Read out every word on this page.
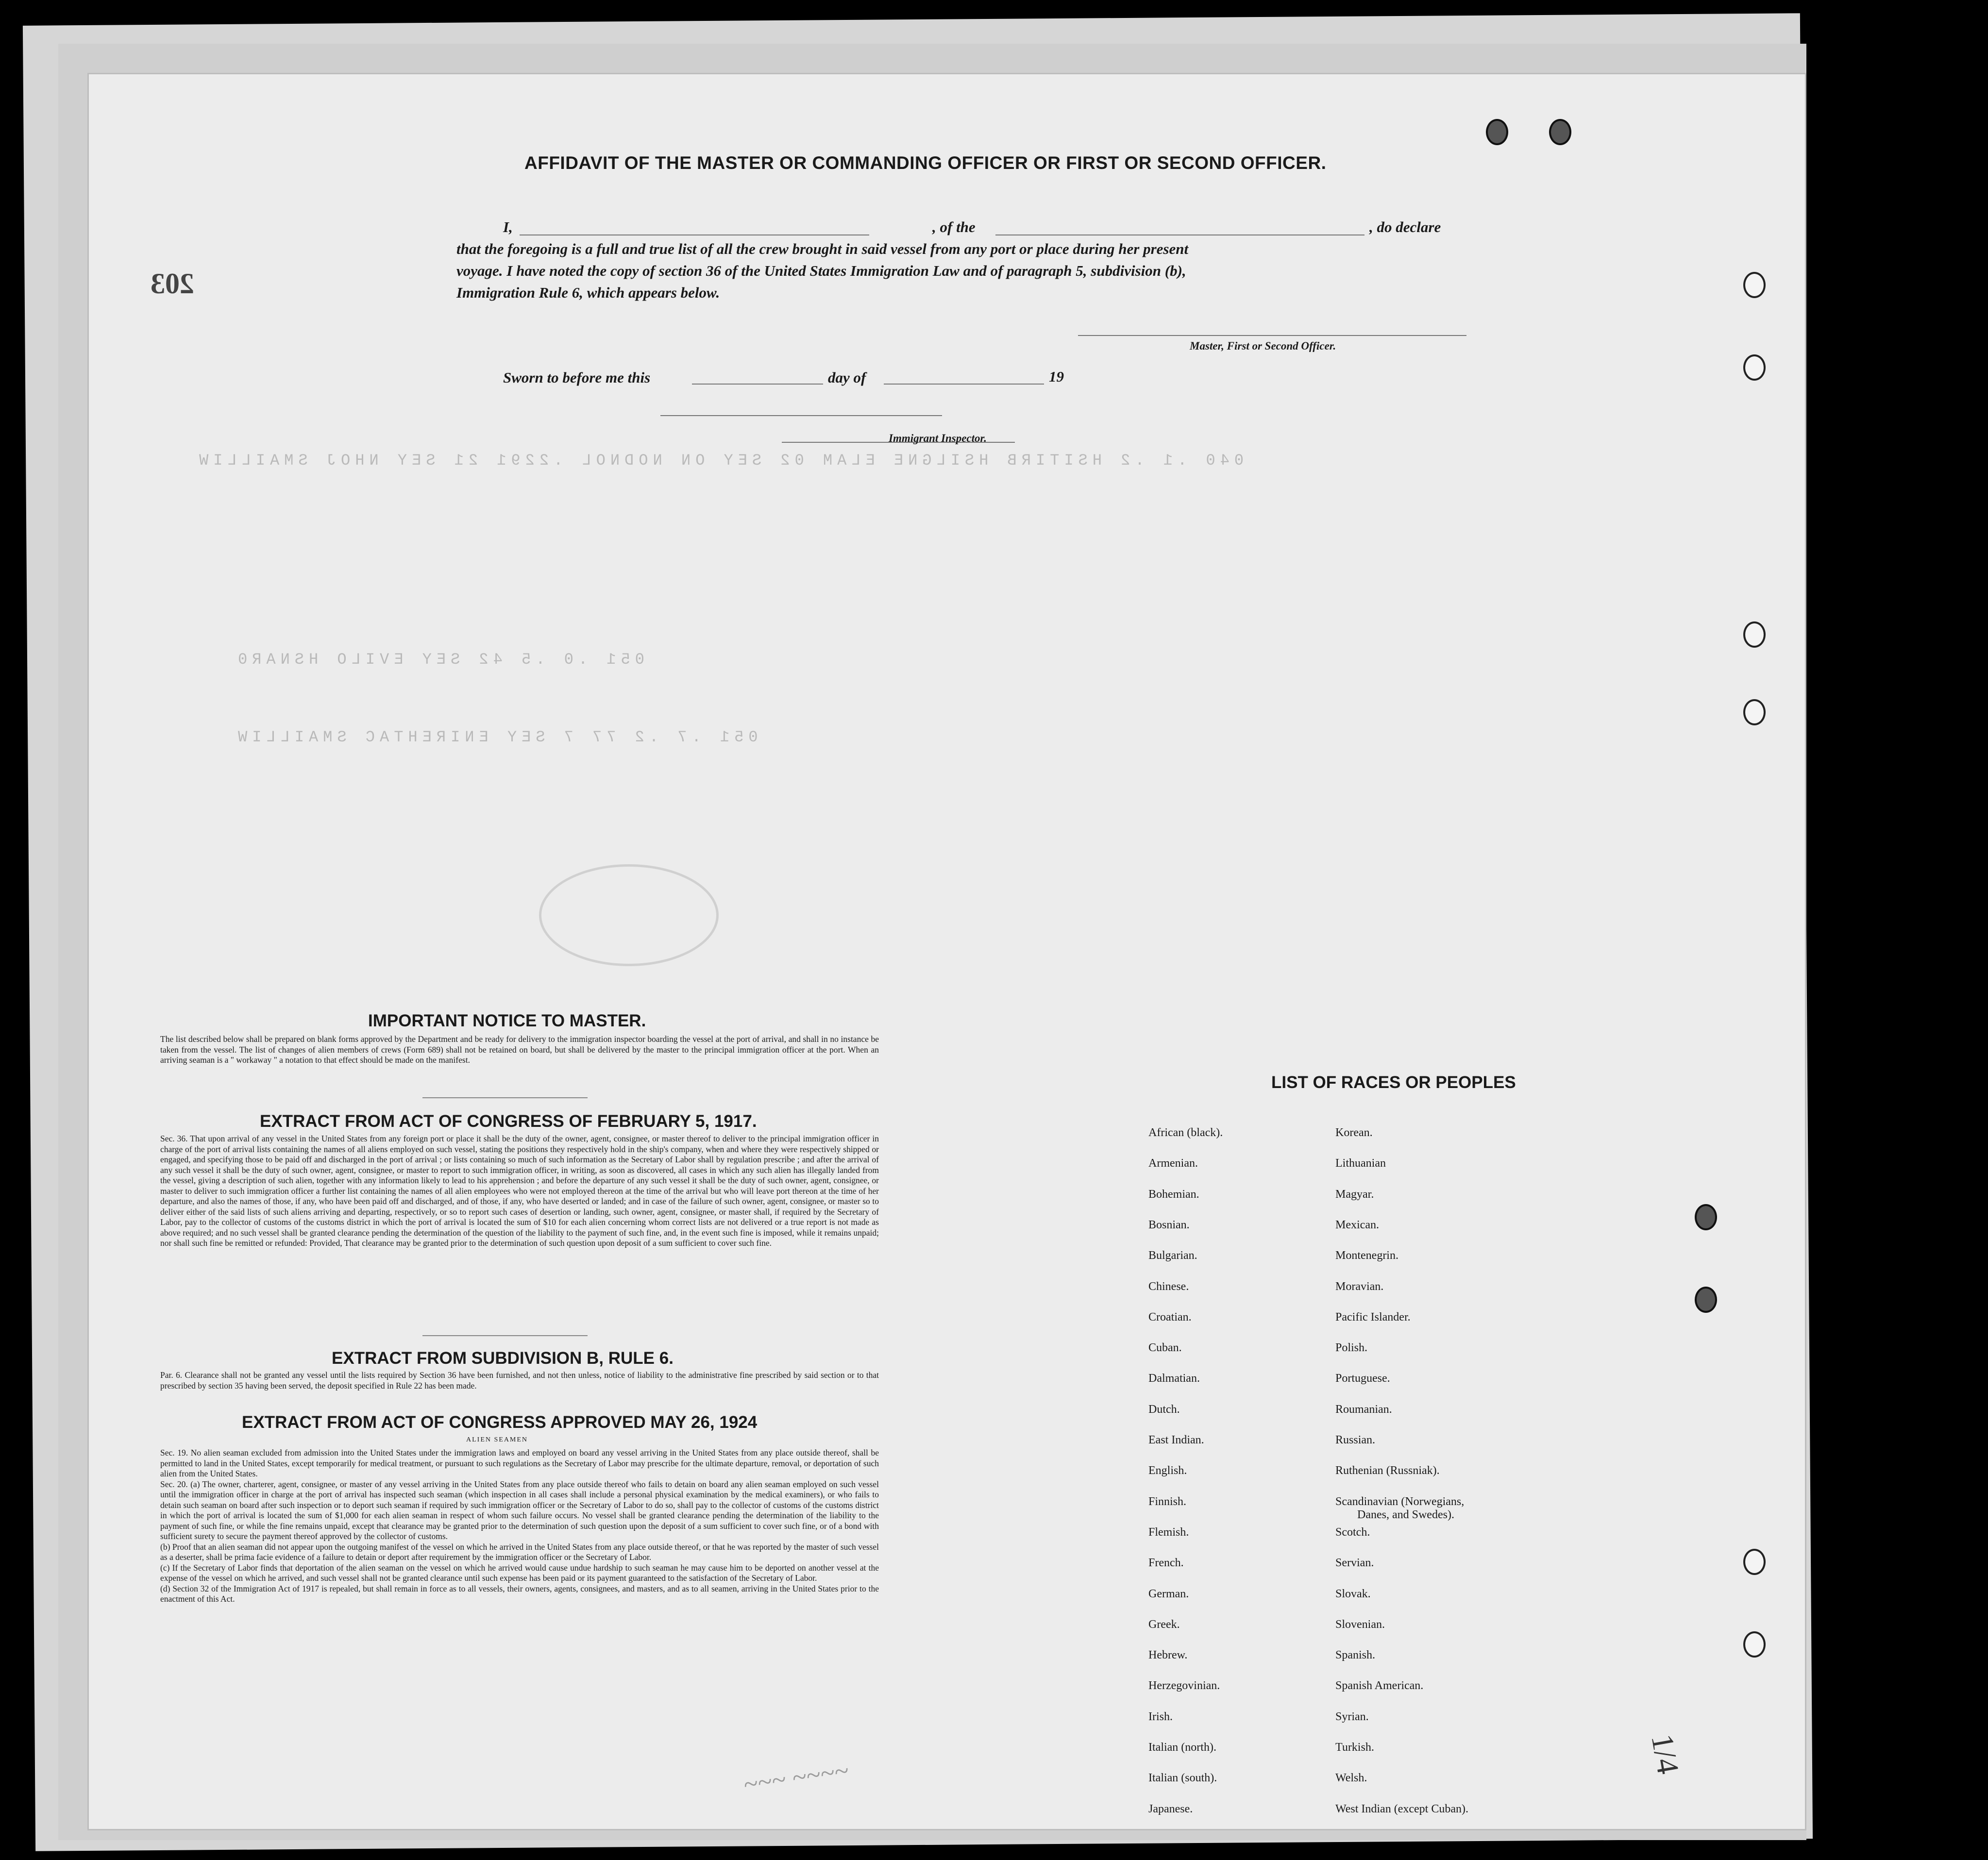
040 .1 .2 HSITIRB HSILGNE ELAM 02 SEY ON NODNOL .2291 21 SEY NHOJ SMAILLIW
051 .0 .5 42 SEY EVILO HSNAR0
051 .7 .2 77 7 SEY ENIREHTAC SMAILLIW
203
AFFIDAVIT OF THE MASTER OR COMMANDING OFFICER OR FIRST OR SECOND OFFICER.
I,	, of the	, do declare
that the foregoing is a full and true list of all the crew brought in said vessel from any port or place during her present
voyage. I have noted the copy of section 36 of the United States Immigration Law and of paragraph 5, subdivision (b),
Immigration Rule 6, which appears below.
Master, First or Second Officer.
Sworn to before me this	day of	19
Immigrant Inspector.
IMPORTANT NOTICE TO MASTER.
The list described below shall be prepared on blank forms approved by the Department and be ready for delivery to the immigration inspector boarding the vessel at the port of arrival, and shall in no instance be taken from the vessel. The list of changes of alien members of crews (Form 689) shall not be retained on board, but shall be delivered by the master to the principal immigration officer at the port. When an arriving seaman is a " workaway " a notation to that effect should be made on the manifest.
EXTRACT FROM ACT OF CONGRESS OF FEBRUARY 5, 1917.
Sec. 36. That upon arrival of any vessel in the United States from any foreign port or place it shall be the duty of the owner, agent, consignee, or master thereof to deliver to the principal immigration officer in charge of the port of arrival lists containing the names of all aliens employed on such vessel, stating the positions they respectively hold in the ship's company, when and where they were respectively shipped or engaged, and specifying those to be paid off and discharged in the port of arrival ; or lists containing so much of such information as the Secretary of Labor shall by regulation prescribe ; and after the arrival of any such vessel it shall be the duty of such owner, agent, consignee, or master to report to such immigration officer, in writing, as soon as discovered, all cases in which any such alien has illegally landed from the vessel, giving a description of such alien, together with any information likely to lead to his apprehension ; and before the departure of any such vessel it shall be the duty of such owner, agent, consignee, or master to deliver to such immigration officer a further list containing the names of all alien employees who were not employed thereon at the time of the arrival but who will leave port thereon at the time of her departure, and also the names of those, if any, who have been paid off and discharged, and of those, if any, who have deserted or landed; and in case of the failure of such owner, agent, consignee, or master so to deliver either of the said lists of such aliens arriving and departing, respectively, or so to report such cases of desertion or landing, such owner, agent, consignee, or master shall, if required by the Secretary of Labor, pay to the collector of customs of the customs district in which the port of arrival is located the sum of $10 for each alien concerning whom correct lists are not delivered or a true report is not made as above required; and no such vessel shall be granted clearance pending the determination of the question of the liability to the payment of such fine, and, in the event such fine is imposed, while it remains unpaid; nor shall such fine be remitted or refunded: Provided, That clearance may be granted prior to the determination of such question upon deposit of a sum sufficient to cover such fine.
EXTRACT FROM SUBDIVISION B, RULE 6.
Par. 6. Clearance shall not be granted any vessel until the lists required by Section 36 have been furnished, and not then unless, notice of liability to the administrative fine prescribed by said section or to that prescribed by section 35 having been served, the deposit specified in Rule 22 has been made.
EXTRACT FROM ACT OF CONGRESS APPROVED MAY 26, 1924
ALIEN SEAMEN

Sec. 19. No alien seaman excluded from admission into the United States under the immigration laws and employed on board any vessel arriving in the United States from any place outside thereof, shall be permitted to land in the United States, except temporarily for medical treatment, or pursuant to such regulations as the Secretary of Labor may prescribe for the ultimate departure, removal, or deportation of such alien from the United States.

Sec. 20. (a) The owner, charterer, agent, consignee, or master of any vessel arriving in the United States from any place outside thereof who fails to detain on board any alien seaman employed on such vessel until the immigration officer in charge at the port of arrival has inspected such seaman (which inspection in all cases shall include a personal physical examination by the medical examiners), or who fails to detain such seaman on board after such inspection or to deport such seaman if required by such immigration officer or the Secretary of Labor to do so, shall pay to the collector of customs of the customs district in which the port of arrival is located the sum of $1,000 for each alien seaman in respect of whom such failure occurs. No vessel shall be granted clearance pending the determination of the liability to the payment of such fine, or while the fine remains unpaid, except that clearance may be granted prior to the determination of such question upon the deposit of a sum sufficient to cover such fine, or of a bond with sufficient surety to secure the payment thereof approved by the collector of customs.

(b) Proof that an alien seaman did not appear upon the outgoing manifest of the vessel on which he arrived in the United States from any place outside thereof, or that he was reported by the master of such vessel as a deserter, shall be prima facie evidence of a failure to detain or deport after requirement by the immigration officer or the Secretary of Labor.

(c) If the Secretary of Labor finds that deportation of the alien seaman on the vessel on which he arrived would cause undue hardship to such seaman he may cause him to be deported on another vessel at the expense of the vessel on which he arrived, and such vessel shall not be granted clearance until such expense has been paid or its payment guaranteed to the satisfaction of the Secretary of Labor.

(d) Section 32 of the Immigration Act of 1917 is repealed, but shall remain in force as to all vessels, their owners, agents, consignees, and masters, and as to all seamen, arriving in the United States prior to the enactment of this Act.

LIST OF RACES OR PEOPLES
Danes, and Swedes).
~~~ ~~~~
1/4
African (black).
Armenian.
Bohemian.
Bosnian.
Bulgarian.
Chinese.
Croatian.
Cuban.
Dalmatian.
Dutch.
East Indian.
English.
Finnish.
Flemish.
French.
German.
Greek.
Hebrew.
Herzegovinian.
Irish.
Italian (north).
Italian (south).
Japanese.
Korean.
Lithuanian
Magyar.
Mexican.
Montenegrin.
Moravian.
Pacific Islander.
Polish.
Portuguese.
Roumanian.
Russian.
Ruthenian (Russniak).
Scandinavian (Norwegians,
Scotch.
Servian.
Slovak.
Slovenian.
Spanish.
Spanish American.
Syrian.
Turkish.
Welsh.
West Indian (except Cuban).
